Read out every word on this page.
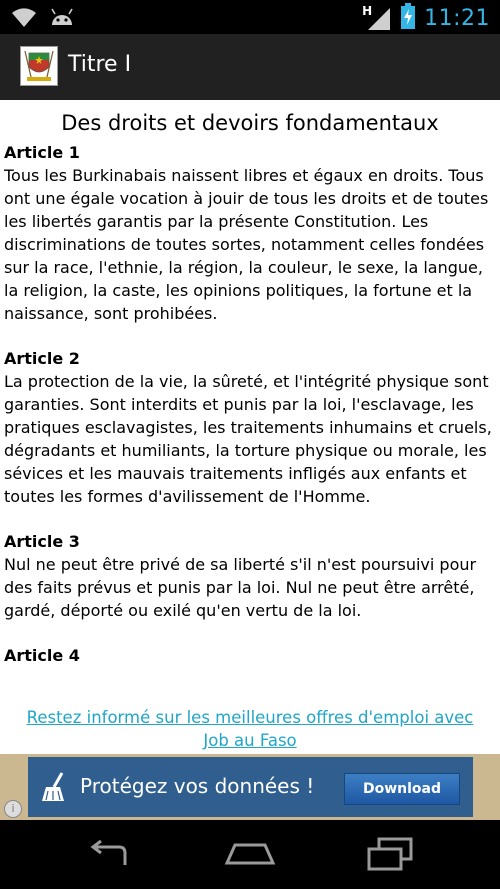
H 11:21
Titre I
Des droits et devoirs fondamentaux
Article 1
Tous les Burkinabais naissent libres et égaux en droits. Tous ont une égale vocation à jouir de tous les droits et de toutes les libertés garantis par la présente Constitution. Les discriminations de toutes sortes, notamment celles fondées sur la race, l'ethnie, la région, la couleur, le sexe, la langue, la religion, la caste, les opinions politiques, la fortune et la naissance, sont prohibées.
Article 2
La protection de la vie, la sûreté, et l'intégrité physique sont garanties. Sont interdits et punis par la loi, l'esclavage, les pratiques esclavagistes, les traitements inhumains et cruels, dégradants et humiliants, la torture physique ou morale, les sévices et les mauvais traitements infligés aux enfants et toutes les formes d'avilissement de l'Homme.
Article 3
Nul ne peut être privé de sa liberté s'il n'est poursuivi pour des faits prévus et punis par la loi. Nul ne peut être arrêté, gardé, déporté ou exilé qu'en vertu de la loi.
Article 4
Restez informé sur les meilleures offres d'emploi avec Job au Faso
Protégez vos données !	Download
i
